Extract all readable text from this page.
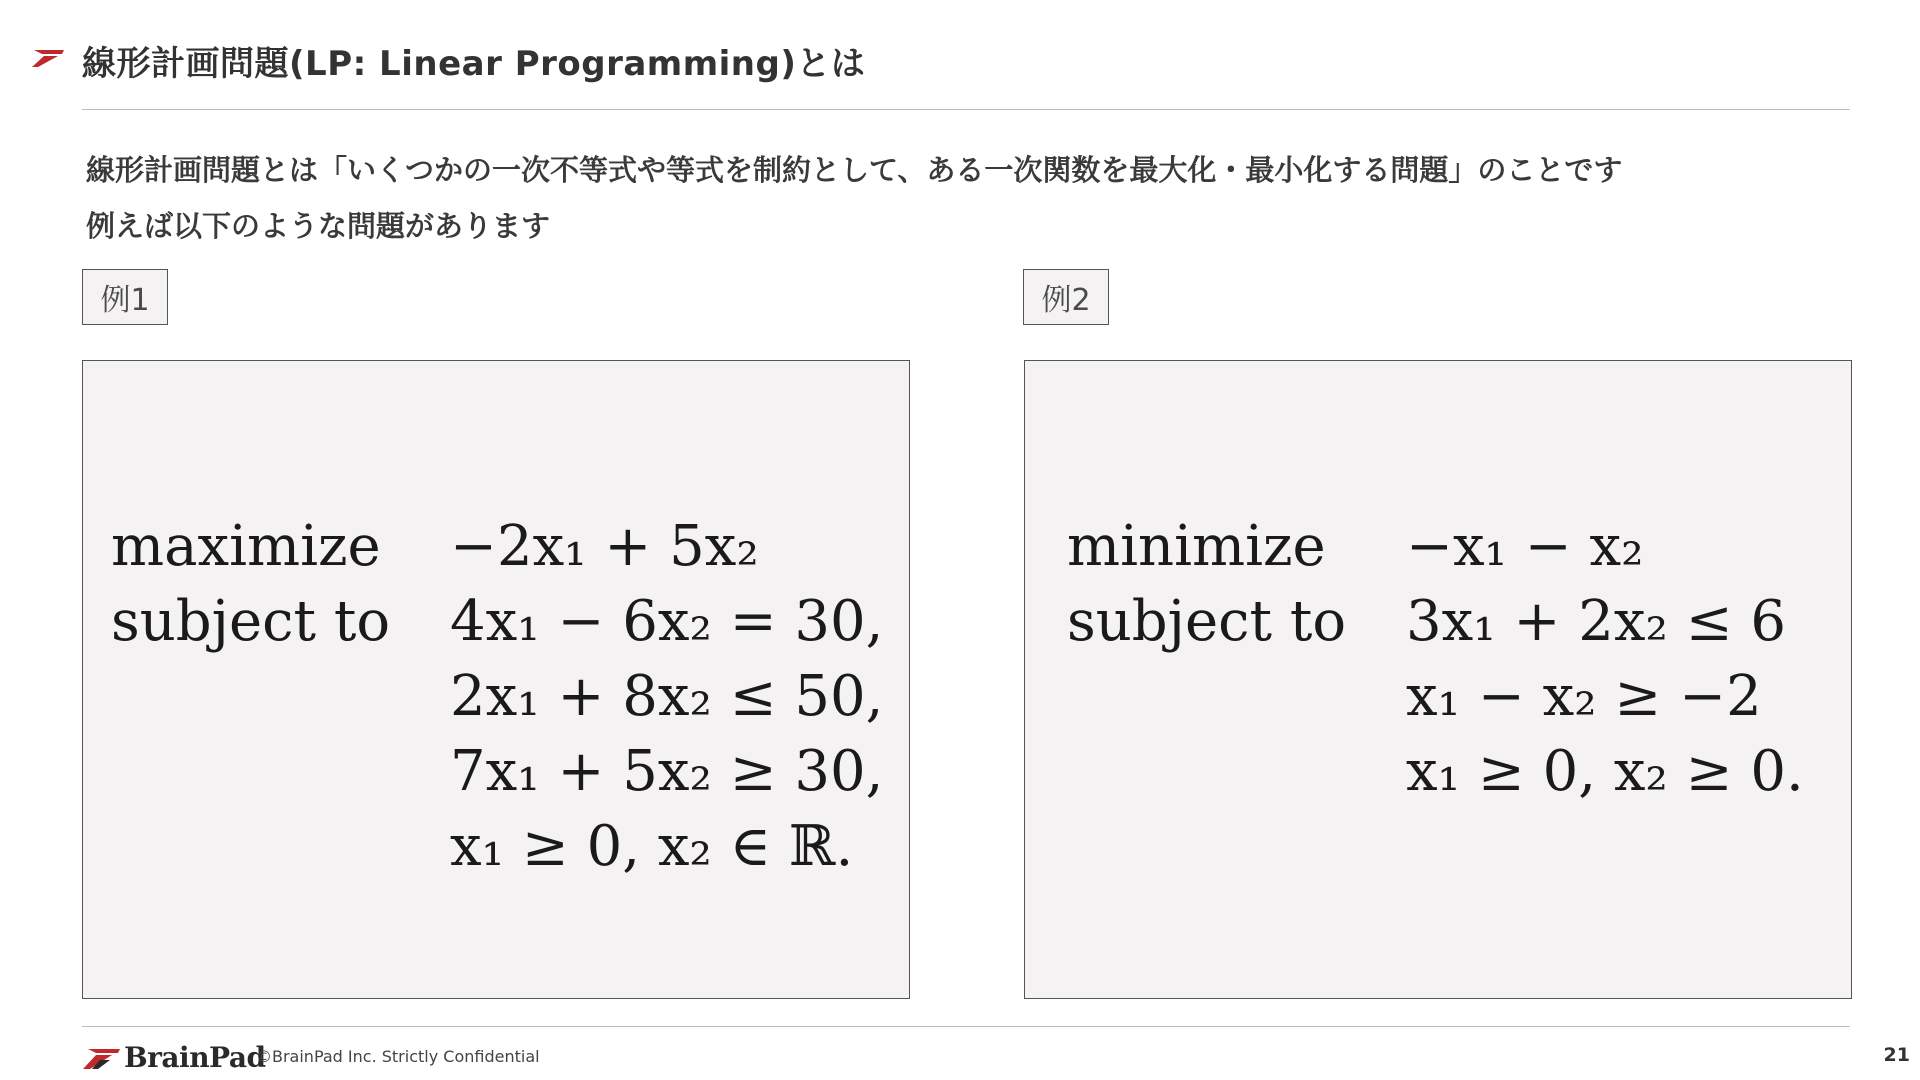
線形計画問題(LP: Linear Programming)とは
線形計画問題とは「いくつかの一次不等式や等式を制約として、ある一次関数を最大化・最小化する問題」のことです
例えば以下のような問題があります
例1
maximize	−2x₁ + 5x₂
subject to	4x₁ − 6x₂ = 30,
	2x₁ + 8x₂ ≤ 50,
	7x₁ + 5x₂ ≥ 30,
	x₁ ≥ 0, x₂ ∈ ℝ.
例2
minimize	−x₁ − x₂
subject to	3x₁ + 2x₂ ≤ 6
	x₁ − x₂ ≥ −2
	x₁ ≥ 0, x₂ ≥ 0.
BrainPad
©BrainPad Inc. Strictly Confidential	21
